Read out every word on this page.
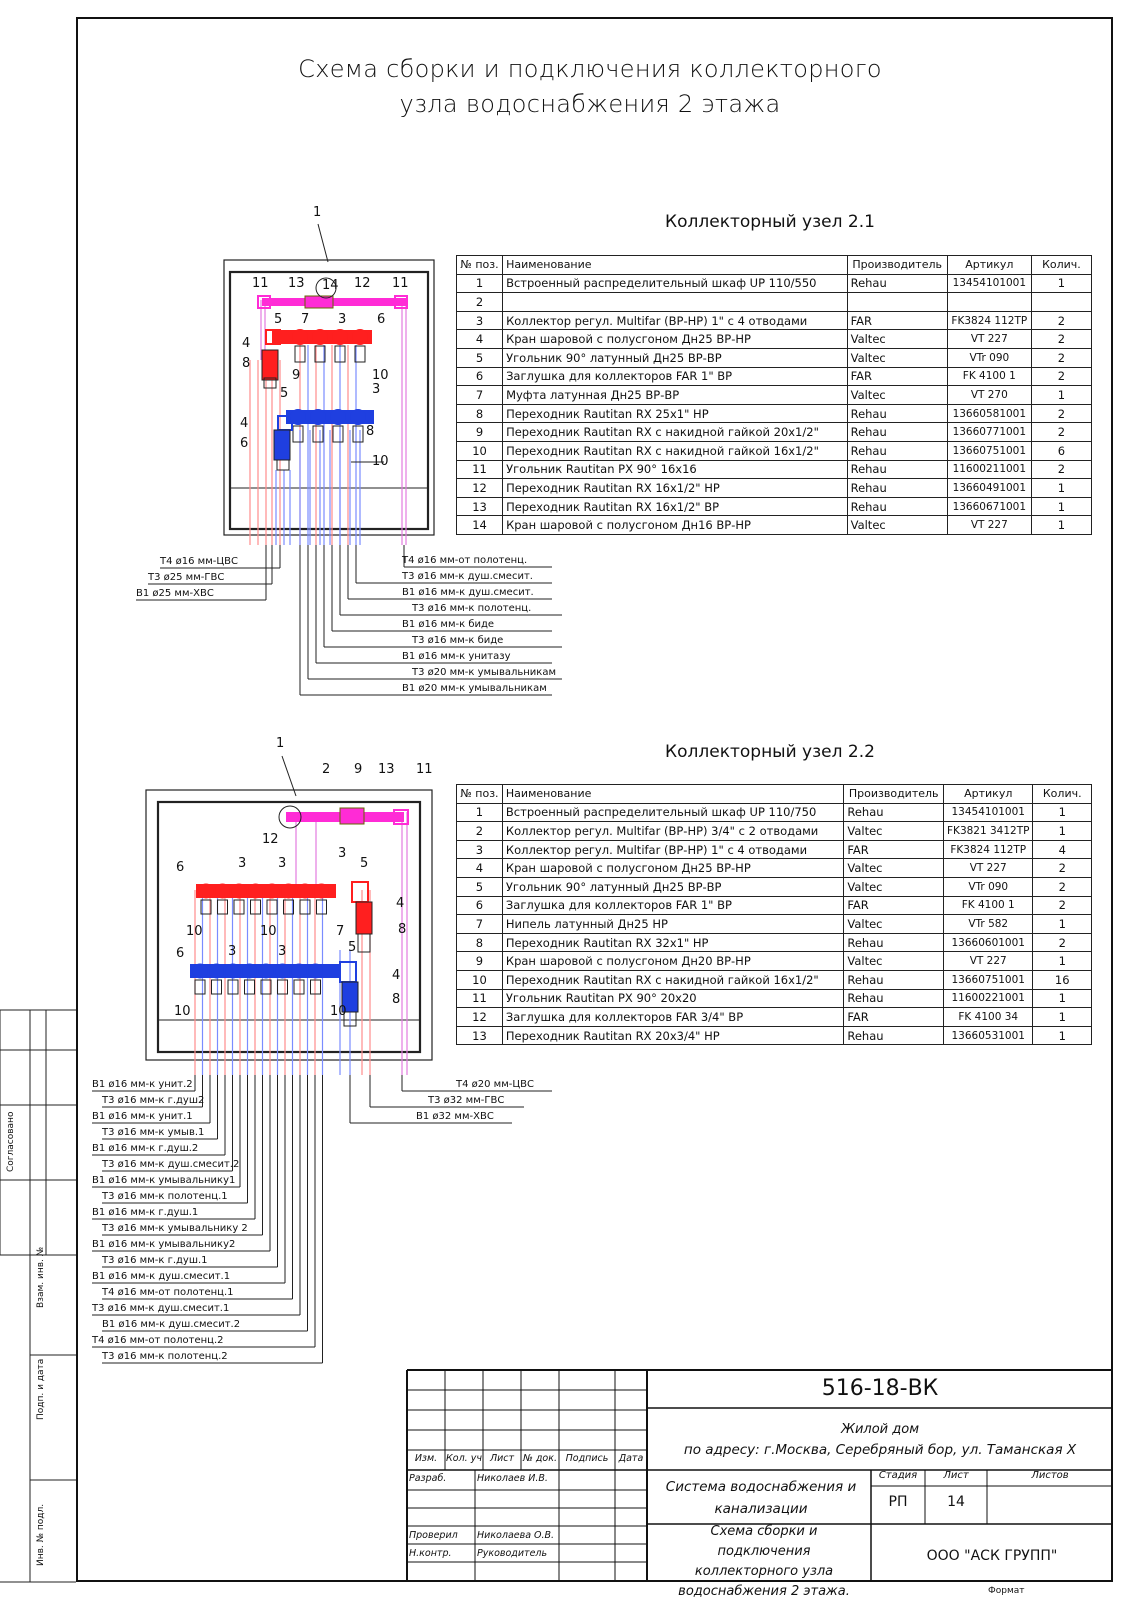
Схема сборки и подключения коллекторного
узла водоснабжения 2 этажа
Коллекторный узел 2.1
№ поз.	Наименование	Производитель	Артикул	Колич.
1	Встроенный распределительный шкаф UP 110/550	Rehau	13454101001	1
2				
3	Коллектор регул. Multifar (ВР-НР) 1" с 4 отводами	FAR	FK3824 112TP	2
4	Кран шаровой с полусгоном Дн25 ВР-НР	Valtec	VT 227	2
5	Угольник 90° латунный Дн25 ВР-ВР	Valtec	VTr 090	2
6	Заглушка для коллекторов FAR 1" ВР	FAR	FK 4100 1	2
7	Муфта латунная Дн25 ВР-ВР	Valtec	VT 270	1
8	Переходник Rautitan RX 25x1" НР	Rehau	13660581001	2
9	Переходник Rautitan RX с накидной гайкой 20x1/2"	Rehau	13660771001	2
10	Переходник Rautitan RX с накидной гайкой 16x1/2"	Rehau	13660751001	6
11	Угольник Rautitan PX 90° 16x16	Rehau	11600211001	2
12	Переходник Rautitan RX 16x1/2" НР	Rehau	13660491001	1
13	Переходник Rautitan RX 16x1/2" ВР	Rehau	13660671001	1
14	Кран шаровой с полусгоном Дн16 ВР-НР	Valtec	VT 227	1
Коллекторный узел 2.2
№ поз.	Наименование	Производитель	Артикул	Колич.
1	Встроенный распределительный шкаф UP 110/750	Rehau	13454101001	1
2	Коллектор регул. Multifar (ВР-НР) 3/4" с 2 отводами	Valtec	FK3821 3412TP	1
3	Коллектор регул. Multifar (ВР-НР) 1" с 4 отводами	FAR	FK3824 112TP	4
4	Кран шаровой с полусгоном Дн25 ВР-НР	Valtec	VT 227	2
5	Угольник 90° латунный Дн25 ВР-ВР	Valtec	VTr 090	2
6	Заглушка для коллекторов FAR 1" ВР	FAR	FK 4100 1	2
7	Нипель латунный Дн25 НР	Valtec	VTr 582	1
8	Переходник Rautitan RX 32x1" НР	Rehau	13660601001	2
9	Кран шаровой с полусгоном Дн20 ВР-НР	Valtec	VT 227	1
10	Переходник Rautitan RX с накидной гайкой 16x1/2"	Rehau	13660751001	16
11	Угольник Rautitan PX 90° 20x20	Rehau	11600221001	1
12	Заглушка для коллекторов FAR 3/4" ВР	FAR	FK 4100 34	1
13	Переходник Rautitan RX 20x3/4" НР	Rehau	13660531001	1
1
11 13 14 12 11
5 7 3 6
4
8
9	10
3
5
4
8
6
10
Т4 ø16 мм-ЦВС
Т3 ø25 мм-ГВС
В1 ø25 мм-ХВС
Т4 ø16 мм-от полотенц.
Т3 ø16 мм-к душ.смесит.
В1 ø16 мм-к душ.смесит.
Т3 ø16 мм-к полотенц.
В1 ø16 мм-к биде
Т3 ø16 мм-к биде
В1 ø16 мм-к унитазу
Т3 ø20 мм-к умывальникам
В1 ø20 мм-к умывальникам
1
2 9 13 11
12
3
6	3 3	5
4
10	10	7	8
6	3	3	5
10	10
4
8
В1 ø16 мм-к унит.2
Т3 ø16 мм-к г.душ2
В1 ø16 мм-к унит.1
Т3 ø16 мм-к умыв.1
В1 ø16 мм-к г.душ.2
Т3 ø16 мм-к душ.смесит.2
В1 ø16 мм-к умывальнику1
Т3 ø16 мм-к полотенц.1
В1 ø16 мм-к г.душ.1
Т3 ø16 мм-к умывальнику 2
В1 ø16 мм-к умывальнику2
Т3 ø16 мм-к г.душ.1
В1 ø16 мм-к душ.смесит.1
Т4 ø16 мм-от полотенц.1
Т3 ø16 мм-к душ.смесит.1
В1 ø16 мм-к душ.смесит.2
Т4 ø16 мм-от полотенц.2
Т3 ø16 мм-к полотенц.2
Т4 ø20 мм-ЦВС
Т3 ø32 мм-ГВС
В1 ø32 мм-ХВС
Согласовано
Взам. инв. №
Подп. и дата
Инв. № подл.
516-18-ВК
Жилой дом
по адресу: г.Москва, Серебряный бор, ул. Таманская Х
Изм. Кол. уч Лист № док. Подпись	Дата
Разраб.	Николаев И.В.
Проверил Николаева О.В.
Н.контр.	Руководитель
Система водоснабжения и канализации
Стадия	Лист	Листов
РП	14
Схема сборки и подключения коллекторного узла водоснабжения 2 этажа.
ООО "АСК ГРУПП"
Формат
